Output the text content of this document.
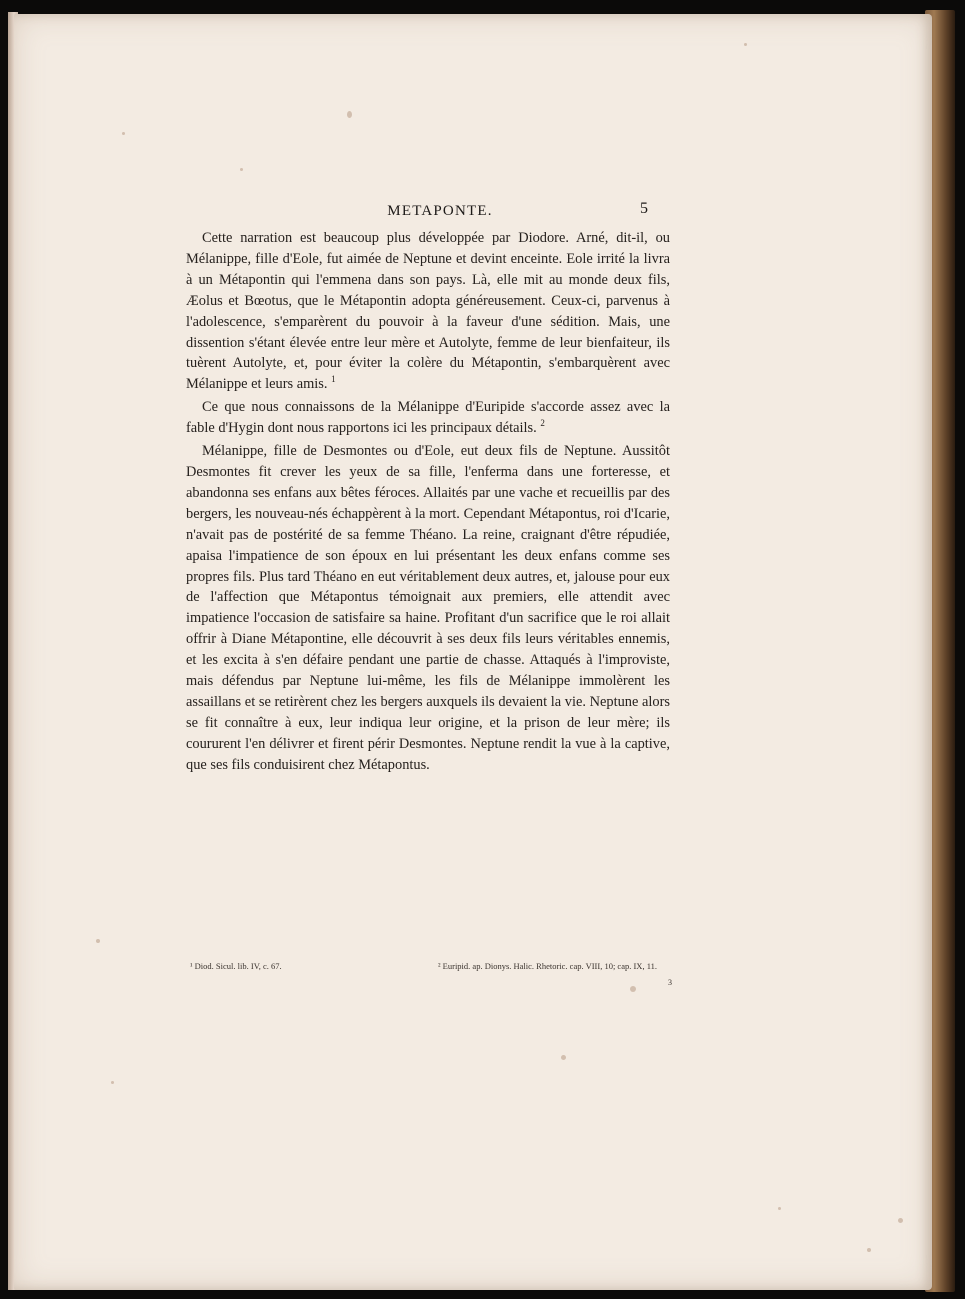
METAPONTE.	5

Cette narration est beaucoup plus développée par Diodore. Arné, dit-il, ou Mélanippe, fille d'Eole, fut aimée de Neptune et devint enceinte. Eole irrité la livra à un Métapontin qui l'emmena dans son pays. Là, elle mit au monde deux fils, Æolus et Bœotus, que le Métapontin adopta généreusement. Ceux-ci, parvenus à l'adolescence, s'emparèrent du pouvoir à la faveur d'une sédition. Mais, une dissention s'étant élevée entre leur mère et Autolyte, femme de leur bienfaiteur, ils tuèrent Autolyte, et, pour éviter la colère du Métapontin, s'embarquèrent avec Mélanippe et leurs amis. $^1$

Ce que nous connaissons de la Mélanippe d'Euripide s'accorde assez avec la fable d'Hygin dont nous rapportons ici les principaux détails. $^2$

Mélanippe, fille de Desmontes ou d'Eole, eut deux fils de Neptune. Aussitôt Desmontes fit crever les yeux de sa fille, l'enferma dans une forteresse, et abandonna ses enfans aux bêtes féroces. Allaités par une vache et recueillis par des bergers, les nouveau-nés échappèrent à la mort. Cependant Métapontus, roi d'Icarie, n'avait pas de postérité de sa femme Théano. La reine, craignant d'être répudiée, apaisa l'impatience de son époux en lui présentant les deux enfans comme ses propres fils. Plus tard Théano en eut véritablement deux autres, et, jalouse pour eux de l'affection que Métapontus témoignait aux premiers, elle attendit avec impatience l'occasion de satisfaire sa haine. Profitant d'un sacrifice que le roi allait offrir à Diane Métapontine, elle découvrit à ses deux fils leurs véritables ennemis, et les excita à s'en défaire pendant une partie de chasse. Attaqués à l'improviste, mais défendus par Neptune lui-même, les fils de Mélanippe immolèrent les assaillans et se retirèrent chez les bergers auxquels ils devaient la vie. Neptune alors se fit connaître à eux, leur indiqua leur origine, et la prison de leur mère; ils coururent l'en délivrer et firent périr Desmontes. Neptune rendit la vue à la captive, que ses fils conduisirent chez Métapontus.

¹ Diod. Sicul. lib. IV, c. 67.	² Euripid. ap. Dionys. Halic. Rhetoric. cap. VIII, 10; cap. IX, 11.
3
